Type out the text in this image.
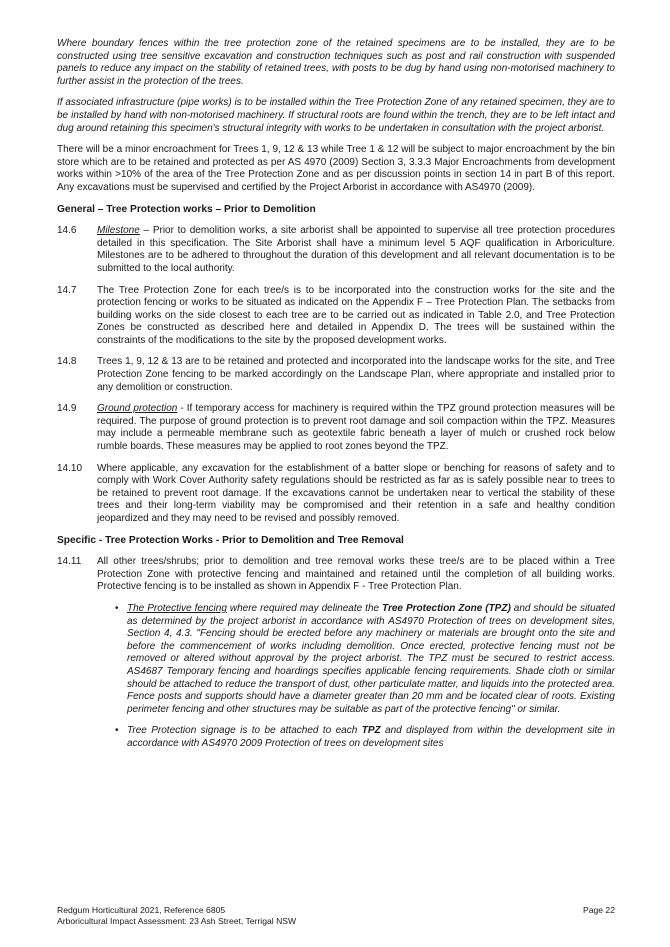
Where boundary fences within the tree protection zone of the retained specimens are to be installed, they are to be constructed using tree sensitive excavation and construction techniques such as post and rail construction with suspended panels to reduce any impact on the stability of retained trees, with posts to be dug by hand using non-motorised machinery to further assist in the protection of the trees.

If associated infrastructure (pipe works) is to be installed within the Tree Protection Zone of any retained specimen, they are to be installed by hand with non-motorised machinery. If structural roots are found within the trench, they are to be left intact and dug around retaining this specimen's structural integrity with works to be undertaken in consultation with the project arborist.

There will be a minor encroachment for Trees 1, 9, 12 & 13 while Tree 1 & 12 will be subject to major encroachment by the bin store which are to be retained and protected as per AS 4970 (2009) Section 3, 3.3.3 Major Encroachments from development works within >10% of the area of the Tree Protection Zone and as per discussion points in section 14 in part B of this report. Any excavations must be supervised and certified by the Project Arborist in accordance with AS4970 (2009).

General – Tree Protection works – Prior to Demolition
14.6	Milestone – Prior to demolition works, a site arborist shall be appointed to supervise all tree protection procedures detailed in this specification. The Site Arborist shall have a minimum level 5 AQF qualification in Arboriculture. Milestones are to be adhered to throughout the duration of this development and all relevant documentation is to be submitted to the local authority.
14.7	The Tree Protection Zone for each tree/s is to be incorporated into the construction works for the site and the protection fencing or works to be situated as indicated on the Appendix F – Tree Protection Plan. The setbacks from building works on the side closest to each tree are to be carried out as indicated in Table 2.0, and Tree Protection Zones be constructed as described here and detailed in Appendix D. The trees will be sustained within the constraints of the modifications to the site by the proposed development works.
14.8	Trees 1, 9, 12 & 13 are to be retained and protected and incorporated into the landscape works for the site, and Tree Protection Zone fencing to be marked accordingly on the Landscape Plan, where appropriate and installed prior to any demolition or construction.
14.9	Ground protection - If temporary access for machinery is required within the TPZ ground protection measures will be required. The purpose of ground protection is to prevent root damage and soil compaction within the TPZ. Measures may include a permeable membrane such as geotextile fabric beneath a layer of mulch or crushed rock below rumble boards. These measures may be applied to root zones beyond the TPZ.
14.10	Where applicable, any excavation for the establishment of a batter slope or benching for reasons of safety and to comply with Work Cover Authority safety regulations should be restricted as far as is safely possible near to trees to be retained to prevent root damage. If the excavations cannot be undertaken near to vertical the stability of these trees and their long-term viability may be compromised and their retention in a safe and healthy condition jeopardized and they may need to be revised and possibly removed.
Specific - Tree Protection Works - Prior to Demolition and Tree Removal
14.11	All other trees/shrubs; prior to demolition and tree removal works these tree/s are to be placed within a Tree Protection Zone with protective fencing and maintained and retained until the completion of all building works. Protective fencing is to be installed as shown in Appendix F - Tree Protection Plan.
• The Protective fencing where required may delineate the Tree Protection Zone (TPZ) and should be situated as determined by the project arborist in accordance with AS4970 Protection of trees on development sites, Section 4, 4.3. "Fencing should be erected before any machinery or materials are brought onto the site and before the commencement of works including demolition. Once erected, protective fencing must not be removed or altered without approval by the project arborist. The TPZ must be secured to restrict access. AS4687 Temporary fencing and hoardings specifies applicable fencing requirements. Shade cloth or similar should be attached to reduce the transport of dust, other particulate matter, and liquids into the protected area. Fence posts and supports should have a diameter greater than 20 mm and be located clear of roots. Existing perimeter fencing and other structures may be suitable as part of the protective fencing" or similar.
• Tree Protection signage is to be attached to each TPZ and displayed from within the development site in accordance with AS4970 2009 Protection of trees on development sites
Redgum Horticultural 2021, Reference 6805
Arboricultural Impact Assessment: 23 Ash Street, Terrigal NSW
Page 22
